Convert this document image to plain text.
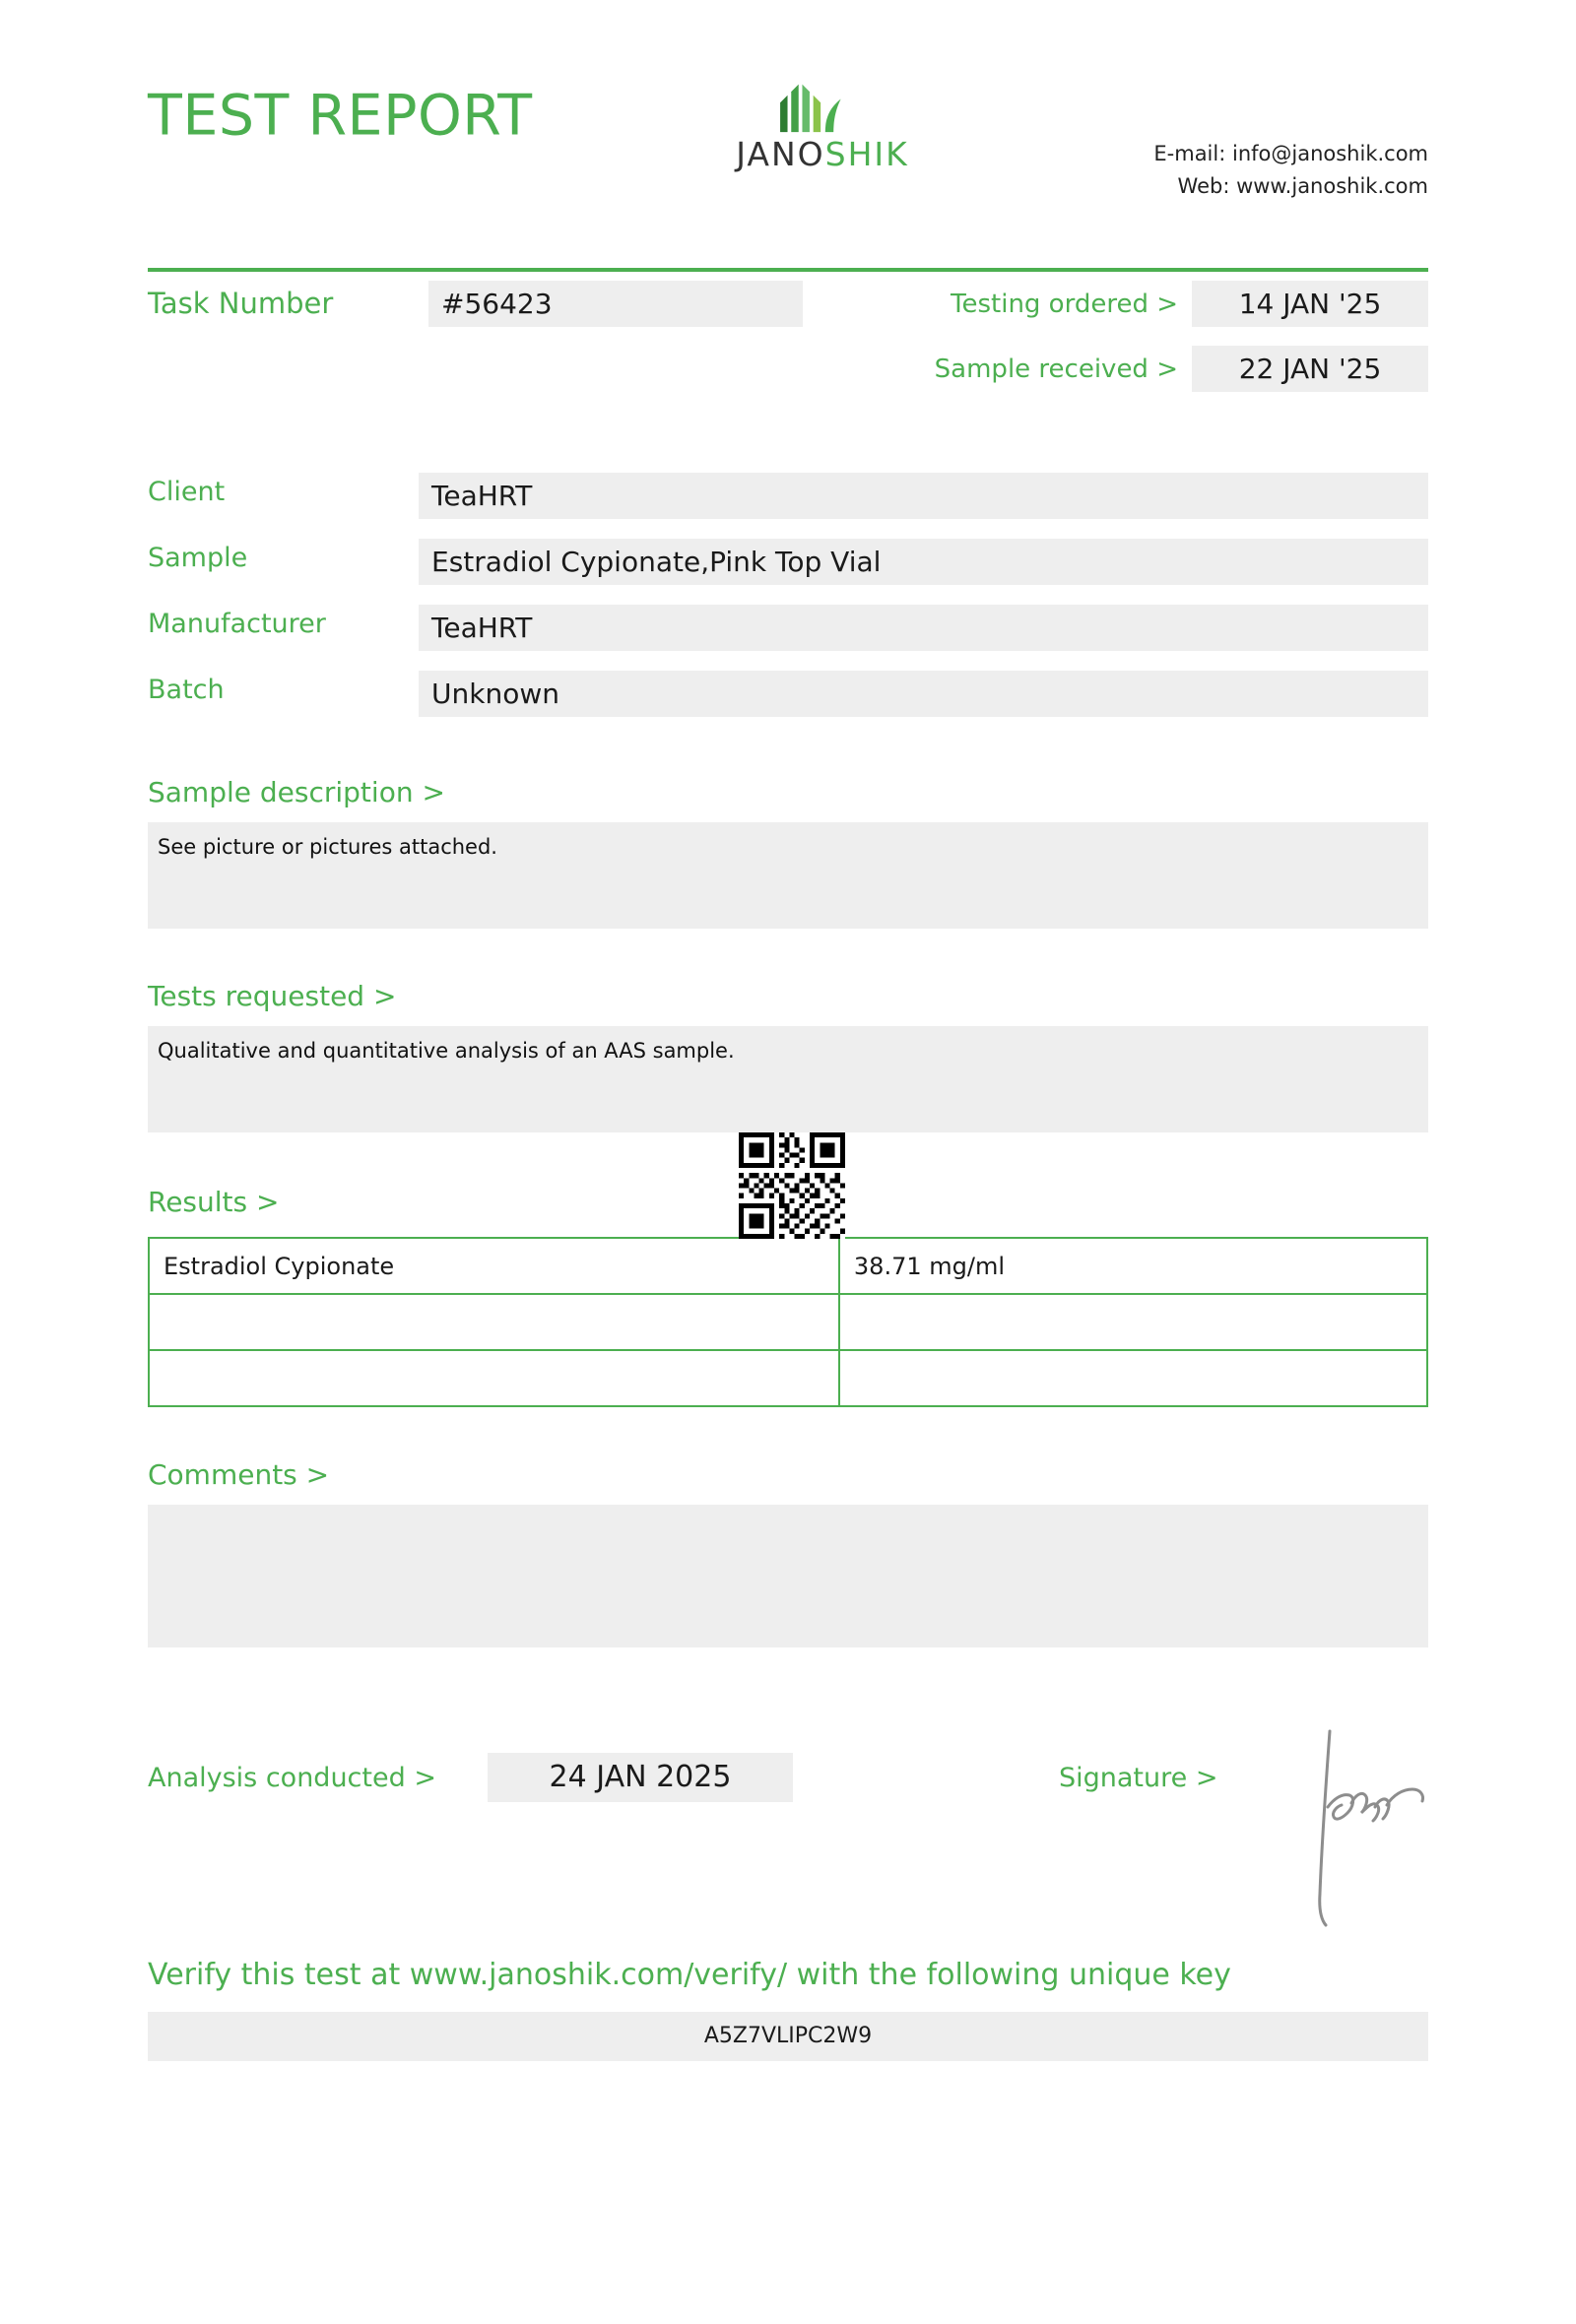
TEST REPORT
JANOSHIK	E-mail: info@janoshik.com
Web: www.janoshik.com
Task Number	#56423	Testing ordered >	14 JAN '25
Sample received >	22 JAN '25
Client	TeaHRT
Sample	Estradiol Cypionate,Pink Top Vial
Manufacturer	TeaHRT
Batch	Unknown
Sample description >
See picture or pictures attached.
Tests requested >
Qualitative and quantitative analysis of an AAS sample.
Results >
Estradiol Cypionate	38.71 mg/ml

Comments >
Analysis conducted >	24 JAN 2025	Signature >
Verify this test at www.janoshik.com/verify/ with the following unique key
A5Z7VLIPC2W9
